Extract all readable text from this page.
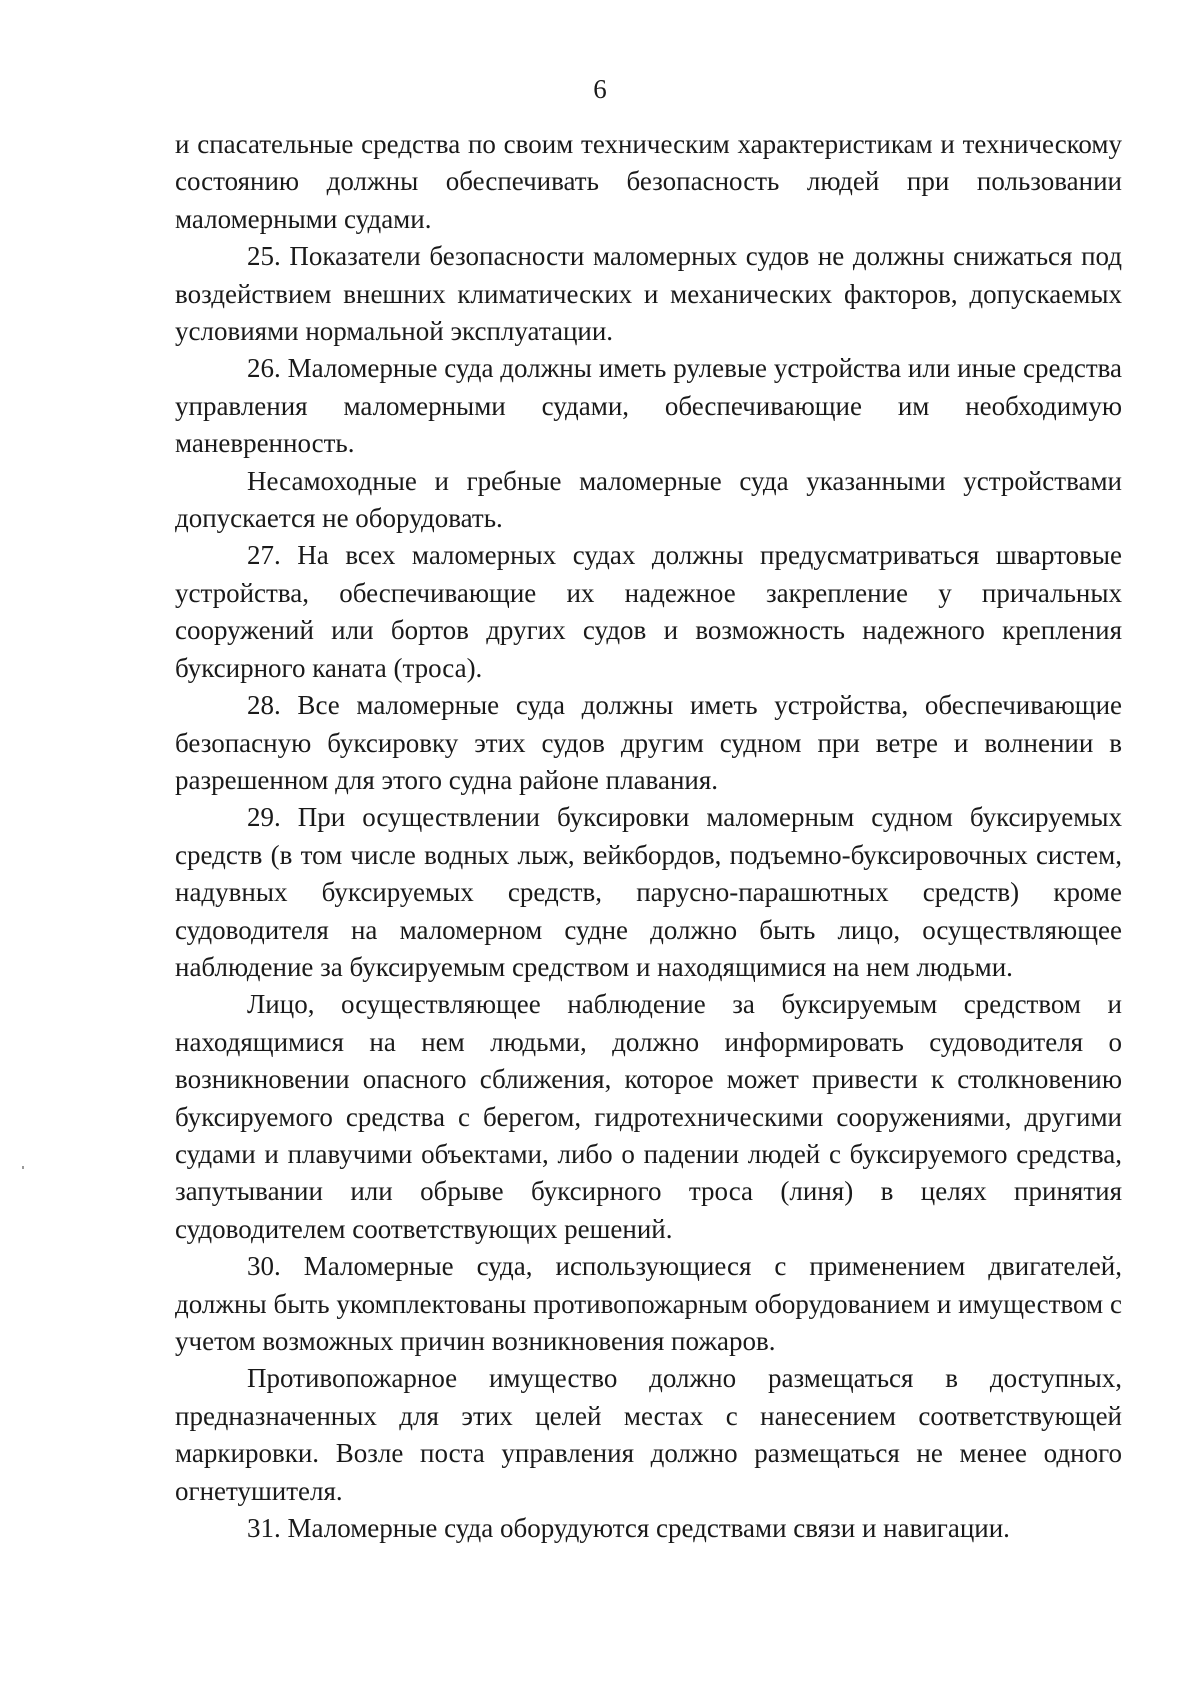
6

и спасательные средства по своим техническим характеристикам и техническому состоянию должны обеспечивать безопасность людей при пользовании маломерными судами.

25. Показатели безопасности маломерных судов не должны снижаться под воздействием внешних климатических и механических факторов, допускаемых условиями нормальной эксплуатации.

26. Маломерные суда должны иметь рулевые устройства или иные средства управления маломерными судами, обеспечивающие им необходимую маневренность.

Несамоходные и гребные маломерные суда указанными устройствами допускается не оборудовать.

27. На всех маломерных судах должны предусматриваться швартовые устройства, обеспечивающие их надежное закрепление у причальных сооружений или бортов других судов и возможность надежного крепления буксирного каната (троса).

28. Все маломерные суда должны иметь устройства, обеспечивающие безопасную буксировку этих судов другим судном при ветре и волнении в разрешенном для этого судна районе плавания.

29. При осуществлении буксировки маломерным судном буксируемых средств (в том числе водных лыж, вейкбордов, подъемно-буксировочных систем, надувных буксируемых средств, парусно-парашютных средств) кроме судоводителя на маломерном судне должно быть лицо, осуществляющее наблюдение за буксируемым средством и находящимися на нем людьми.

Лицо, осуществляющее наблюдение за буксируемым средством и находящимися на нем людьми, должно информировать судоводителя о возникновении опасного сближения, которое может привести к столкновению буксируемого средства с берегом, гидротехническими сооружениями, другими судами и плавучими объектами, либо о падении людей с буксируемого средства, запутывании или обрыве буксирного троса (линя) в целях принятия судоводителем соответствующих решений.

30. Маломерные суда, использующиеся с применением двигателей, должны быть укомплектованы противопожарным оборудованием и имуществом с учетом возможных причин возникновения пожаров.

Противопожарное имущество должно размещаться в доступных, предназначенных для этих целей местах с нанесением соответствующей маркировки. Возле поста управления должно размещаться не менее одного огнетушителя.

31. Маломерные суда оборудуются средствами связи и навигации.
